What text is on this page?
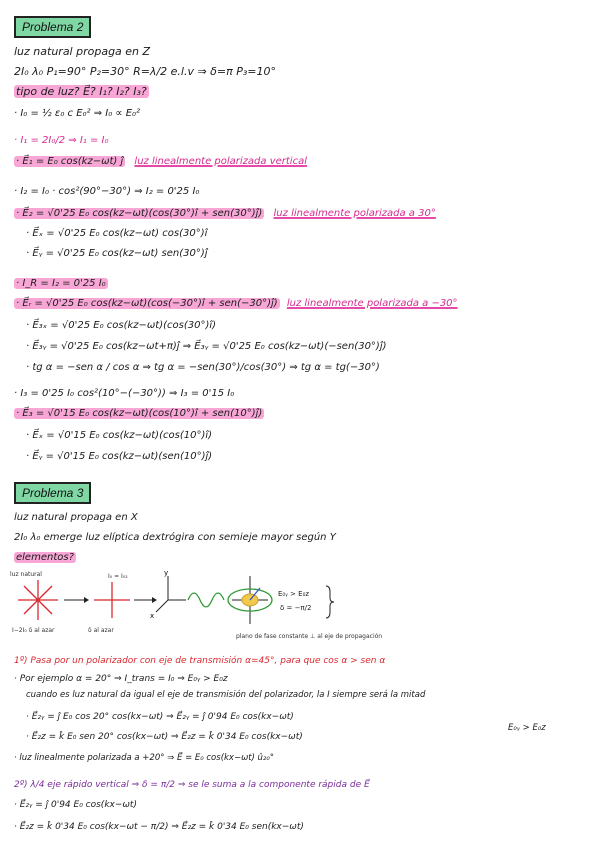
Problema 2
luz natural propaga en Z
2I₀ λ₀ P₁=90° P₂=30° R=λ/2 e.l.v ⇒ δ=π P₃=10°
tipo de luz? E⃗? I₁? I₂? I₃?
· I₀ = ½ ε₀ c E₀² ⇒ I₀ ∝ E₀²
· I₁ = 2I₀/2 ⇒ I₁ = I₀
· E⃗₁ = E₀ cos(kz−ωt) ĵ luz linealmente polarizada vertical
· I₂ = I₀ · cos²(90°−30°) ⇒ I₂ = 0'25 I₀
· E⃗₂ = √0'25 E₀ cos(kz−ωt)(cos(30°)î + sen(30°)ĵ) luz linealmente polarizada a 30°
· E⃗ₓ = √0'25 E₀ cos(kz−ωt) cos(30°)î
· E⃗ᵧ = √0'25 E₀ cos(kz−ωt) sen(30°)ĵ
· I_R = I₂ = 0'25 I₀
· E⃗ᵣ = √0'25 E₀ cos(kz−ωt)(cos(−30°)î + sen(−30°)ĵ) luz linealmente polarizada a −30°
· E⃗₃ₓ = √0'25 E₀ cos(kz−ωt)(cos(30°)î)
· E⃗₃ᵧ = √0'25 E₀ cos(kz−ωt+π)ĵ ⇒ E⃗₃ᵧ = √0'25 E₀ cos(kz−ωt)(−sen(30°)ĵ)
· tg α = −sen α / cos α ⇒ tg α = −sen(30°)/cos(30°) ⇒ tg α = tg(−30°)
· I₃ = 0'25 I₀ cos²(10°−(−30°)) ⇒ I₃ = 0'15 I₀
· E⃗₃ = √0'15 E₀ cos(kz−ωt)(cos(10°)î + sen(10°)ĵ)
· E⃗ₓ = √0'15 E₀ cos(kz−ωt)(cos(10°)î)
· E⃗ᵧ = √0'15 E₀ cos(kz−ωt)(sen(10°)ĵ)
Problema 3
luz natural propaga en X
2I₀ λ₀ emerge luz elíptica dextrógira con semieje mayor según Y
elementos?
luz natural
I−2I₀ δ al azar
I₀ = I₀₂
δ al azar
y
x
plano de fase constante ⊥ al eje de propagación
E₀ᵧ > E₀z
δ = −π/2
1º) Pasa por un polarizador con eje de transmisión α=45°, para que cos α > sen α
· Por ejemplo α = 20° ⇒ I_trans = I₀ ⇒ E₀ᵧ > E₀z
cuando es luz natural da igual el eje de transmisión del polarizador, la I siempre será la mitad
· E⃗₂ᵧ = ĵ E₀ cos 20° cos(kx−ωt) ⇒ E⃗₂ᵧ = ĵ 0'94 E₀ cos(kx−ωt)
· E⃗₂z = k̂ E₀ sen 20° cos(kx−ωt) ⇒ E⃗₂z = k̂ 0'34 E₀ cos(kx−ωt)
E₀ᵧ > E₀z
· luz linealmente polarizada a +20° ⇒ E⃗ = E₀ cos(kx−ωt) û₂₀°
2º) λ/4 eje rápido vertical ⇒ δ = π/2 ⇒ se le suma a la componente rápida de E⃗
· E⃗₂ᵧ = ĵ 0'94 E₀ cos(kx−ωt)
· E⃗₂z = k̂ 0'34 E₀ cos(kx−ωt − π/2) ⇒ E⃗₂z = k̂ 0'34 E₀ sen(kx−ωt)
